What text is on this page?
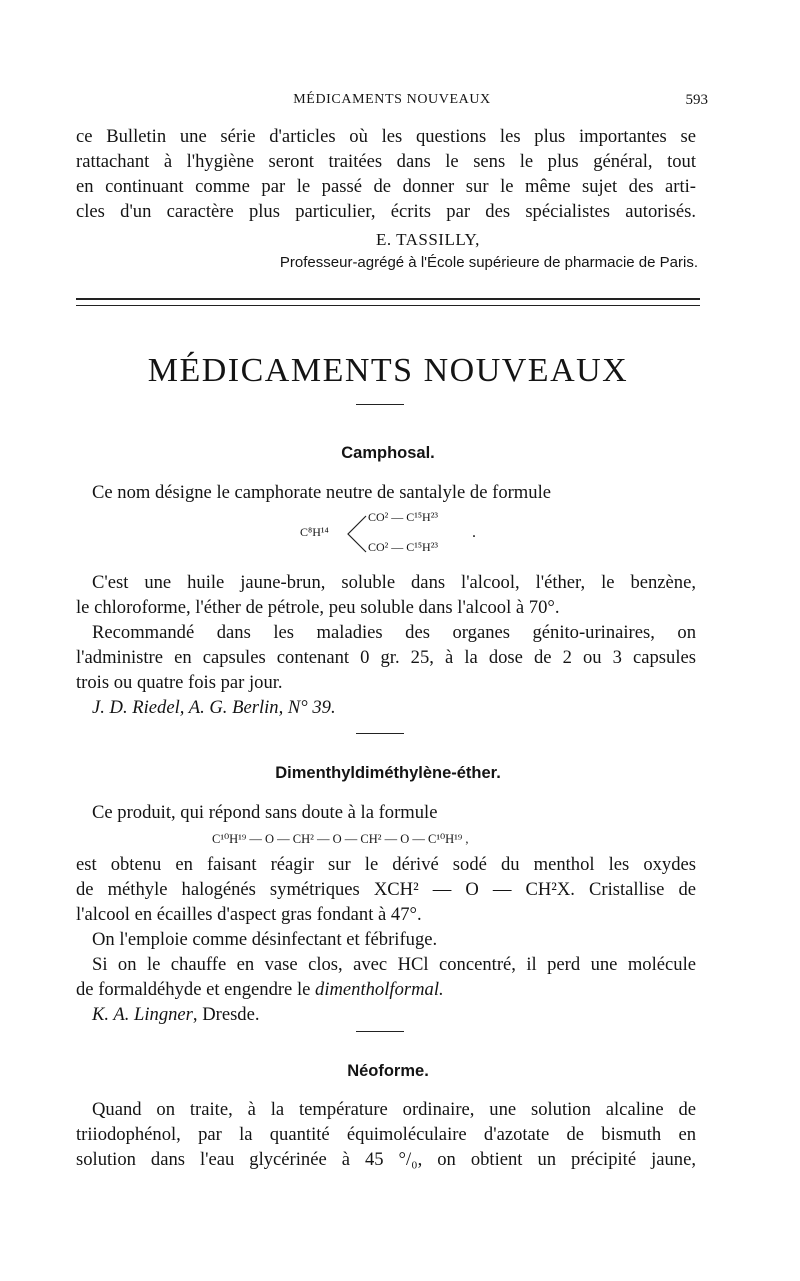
MÉDICAMENTS NOUVEAUX	593
ce Bulletin une série d'articles où les questions les plus importantes se
rattachant à l'hygiène seront traitées dans le sens le plus général, tout
en continuant comme par le passé de donner sur le même sujet des arti-
cles d'un caractère plus particulier, écrits par des spécialistes autorisés.
E. TASSILLY,
Professeur-agrégé à l'École supérieure de pharmacie de Paris.
MÉDICAMENTS NOUVEAUX
Camphosal.
Ce nom désigne le camphorate neutre de santalyle de formule
C⁸H¹⁴
CO² — C¹⁵H²³
CO² — C¹⁵H²³
.
C'est une huile jaune-brun, soluble dans l'alcool, l'éther, le benzène,
le chloroforme, l'éther de pétrole, peu soluble dans l'alcool à 70°.
Recommandé dans les maladies des organes génito-urinaires, on
l'administre en capsules contenant 0 gr. 25, à la dose de 2 ou 3 capsules
trois ou quatre fois par jour.
J. D. Riedel, A. G. Berlin, N° 39.
Dimenthyldiméthylène-éther.
Ce produit, qui répond sans doute à la formule
C¹⁰H¹⁹ — O — CH² — O — CH² — O — C¹⁰H¹⁹ ,
est obtenu en faisant réagir sur le dérivé sodé du menthol les oxydes
de méthyle halogénés symétriques XCH² — O — CH²X. Cristallise de
l'alcool en écailles d'aspect gras fondant à 47°.
On l'emploie comme désinfectant et fébrifuge.
Si on le chauffe en vase clos, avec HCl concentré, il perd une molécule
de formaldéhyde et engendre le dimentholformal.
K. A. Lingner, Dresde.
Néoforme.
Quand on traite, à la température ordinaire, une solution alcaline de
triiodophénol, par la quantité équimoléculaire d'azotate de bismuth en
solution dans l'eau glycérinée à 45 °/₀, on obtient un précipité jaune,
